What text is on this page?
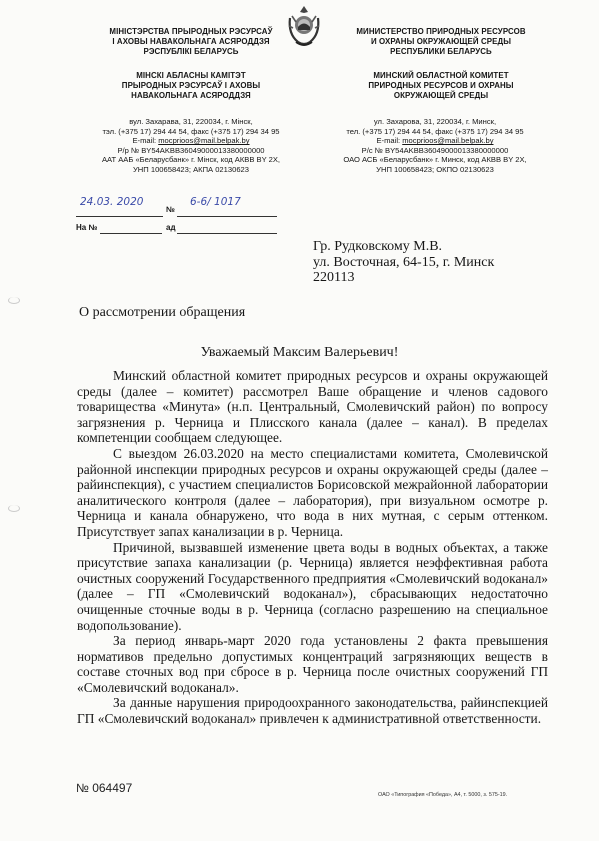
МІНІСТЭРСТВА ПРЫРОДНЫХ РЭСУРСАЎ
І АХОВЫ НАВАКОЛЬНАГА АСЯРОДДЗЯ
РЭСПУБЛІКІ БЕЛАРУСЬ
МІНСКІ АБЛАСНЫ КАМІТЭТ
ПРЫРОДНЫХ РЭСУРСАЎ І АХОВЫ
НАВАКОЛЬНАГА АСЯРОДДЗЯ
МИНИСТЕРСТВО ПРИРОДНЫХ РЕСУРСОВ
И ОХРАНЫ ОКРУЖАЮЩЕЙ СРЕДЫ
РЕСПУБЛИКИ БЕЛАРУСЬ
МИНСКИЙ ОБЛАСТНОЙ КОМИТЕТ
ПРИРОДНЫХ РЕСУРСОВ И ОХРАНЫ
ОКРУЖАЮЩЕЙ СРЕДЫ
вул. Захарава, 31, 220034, г. Мінск,
тэл. (+375 17) 294 44 54, факс (+375 17) 294 34 95
E-mail: mocprioos@mail.belpak.by
Р/р № BY54AKBB36049000013380000000
ААТ ААБ «Беларусбанк» г. Мінск, код АКВВ BY 2X,
УНП 100658423; АКПА 02130623
ул. Захарова, 31, 220034, г. Минск,
тел. (+375 17) 294 44 54, факс (+375 17) 294 34 95
E-mail: mocprioos@mail.belpak.by
Р/с № BY54AKBB36049000013380000000
ОАО АСБ «Беларусбанк» г. Минск, код АКВВ BY 2X,
УНП 100658423; ОКПО 02130623
24.03. 2020
№
6-6/ 1017
На №	ад
Гр. Рудковскому М.В.
ул. Восточная, 64-15, г. Минск
220113
О рассмотрении обращения
Уважаемый Максим Валерьевич!

Минский областной комитет природных ресурсов и охраны окружающей среды (далее – комитет) рассмотрел Ваше обращение и членов садового товарищества «Минута» (н.п. Центральный, Смолевичский район) по вопросу загрязнения р. Черница и Плисского канала (далее – канал). В пределах компетенции сообщаем следующее.

С выездом 26.03.2020 на место специалистами комитета, Смолевичской районной инспекции природных ресурсов и охраны окружающей среды (далее – райинспекция), с участием специалистов Борисовской межрайонной лаборатории аналитического контроля (далее – лаборатория), при визуальном осмотре р. Черница и канала обнаружено, что вода в них мутная, с серым оттенком. Присутствует запах канализации в р. Черница.

Причиной, вызвавшей изменение цвета воды в водных объектах, а также присутствие запаха канализации (р. Черница) является неэффективная работа очистных сооружений Государственного предприятия «Смолевичский водоканал» (далее – ГП «Смолевичский водоканал»), сбрасывающих недостаточно очищенные сточные воды в р. Черница (согласно разрешению на специальное водопользование).

За период январь-март 2020 года установлены 2 факта превышения нормативов предельно допустимых концентраций загрязняющих веществ в составе сточных вод при сбросе в р. Черница после очистных сооружений ГП «Смолевичский водоканал».

За данные нарушения природоохранного законодательства, райинспекцией ГП «Смолевичский водоканал» привлечен к административной ответственности.

№ 064497	ОАО «Типография «Победа», А4, т. 5000, з. 575-19.
